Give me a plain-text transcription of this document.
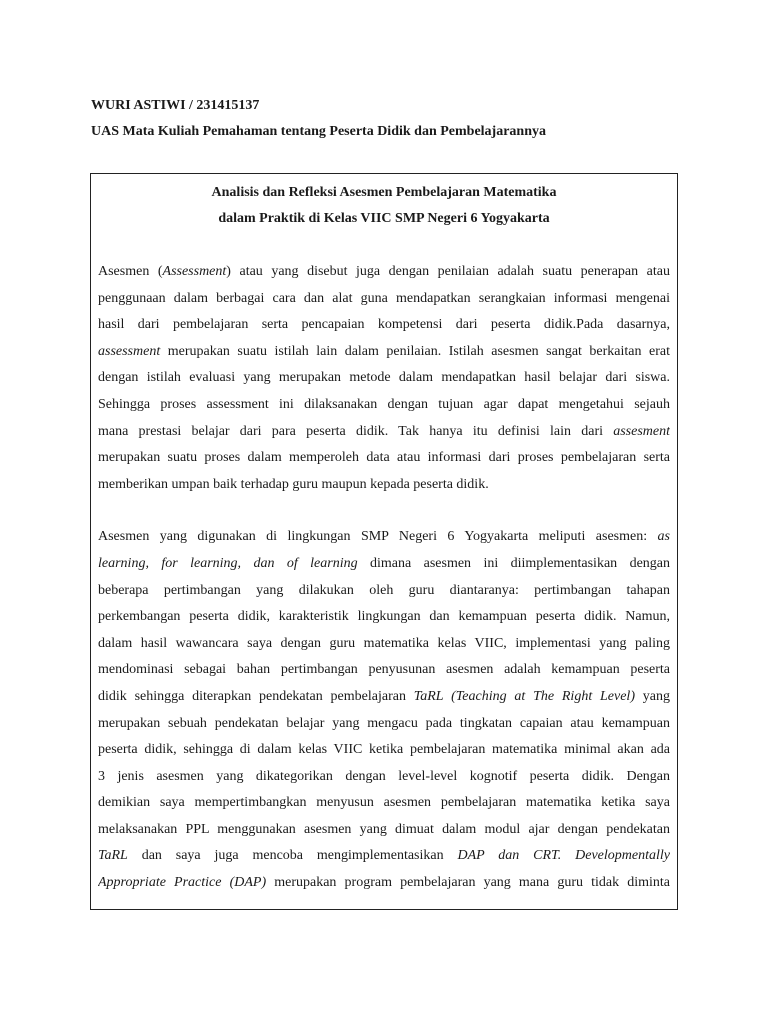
WURI ASTIWI / 231415137
UAS Mata Kuliah Pemahaman tentang Peserta Didik dan Pembelajarannya
Analisis dan Refleksi Asesmen Pembelajaran Matematika
dalam Praktik di Kelas VIIC SMP Negeri 6 Yogyakarta
Asesmen (Assessment) atau yang disebut juga dengan penilaian adalah suatu penerapan atau
penggunaan dalam berbagai cara dan alat guna mendapatkan serangkaian informasi mengenai
hasil dari pembelajaran serta pencapaian kompetensi dari peserta didik.Pada dasarnya,
assessment merupakan suatu istilah lain dalam penilaian. Istilah asesmen sangat berkaitan erat
dengan istilah evaluasi yang merupakan metode dalam mendapatkan hasil belajar dari siswa.
Sehingga proses assessment ini dilaksanakan dengan tujuan agar dapat mengetahui sejauh
mana prestasi belajar dari para peserta didik. Tak hanya itu definisi lain dari assesment
merupakan suatu proses dalam memperoleh data atau informasi dari proses pembelajaran serta
memberikan umpan baik terhadap guru maupun kepada peserta didik.
Asesmen yang digunakan di lingkungan SMP Negeri 6 Yogyakarta meliputi asesmen: as
learning, for learning, dan of learning dimana asesmen ini diimplementasikan dengan
beberapa pertimbangan yang dilakukan oleh guru diantaranya: pertimbangan tahapan
perkembangan peserta didik, karakteristik lingkungan dan kemampuan peserta didik. Namun,
dalam hasil wawancara saya dengan guru matematika kelas VIIC, implementasi yang paling
mendominasi sebagai bahan pertimbangan penyusunan asesmen adalah kemampuan peserta
didik sehingga diterapkan pendekatan pembelajaran TaRL (Teaching at The Right Level) yang
merupakan sebuah pendekatan belajar yang mengacu pada tingkatan capaian atau kemampuan
peserta didik, sehingga di dalam kelas VIIC ketika pembelajaran matematika minimal akan ada
3 jenis asesmen yang dikategorikan dengan level-level kognotif peserta didik. Dengan
demikian saya mempertimbangkan menyusun asesmen pembelajaran matematika ketika saya
melaksanakan PPL menggunakan asesmen yang dimuat dalam modul ajar dengan pendekatan
TaRL dan saya juga mencoba mengimplementasikan DAP dan CRT. Developmentally
Appropriate Practice (DAP) merupakan program pembelajaran yang mana guru tidak diminta
